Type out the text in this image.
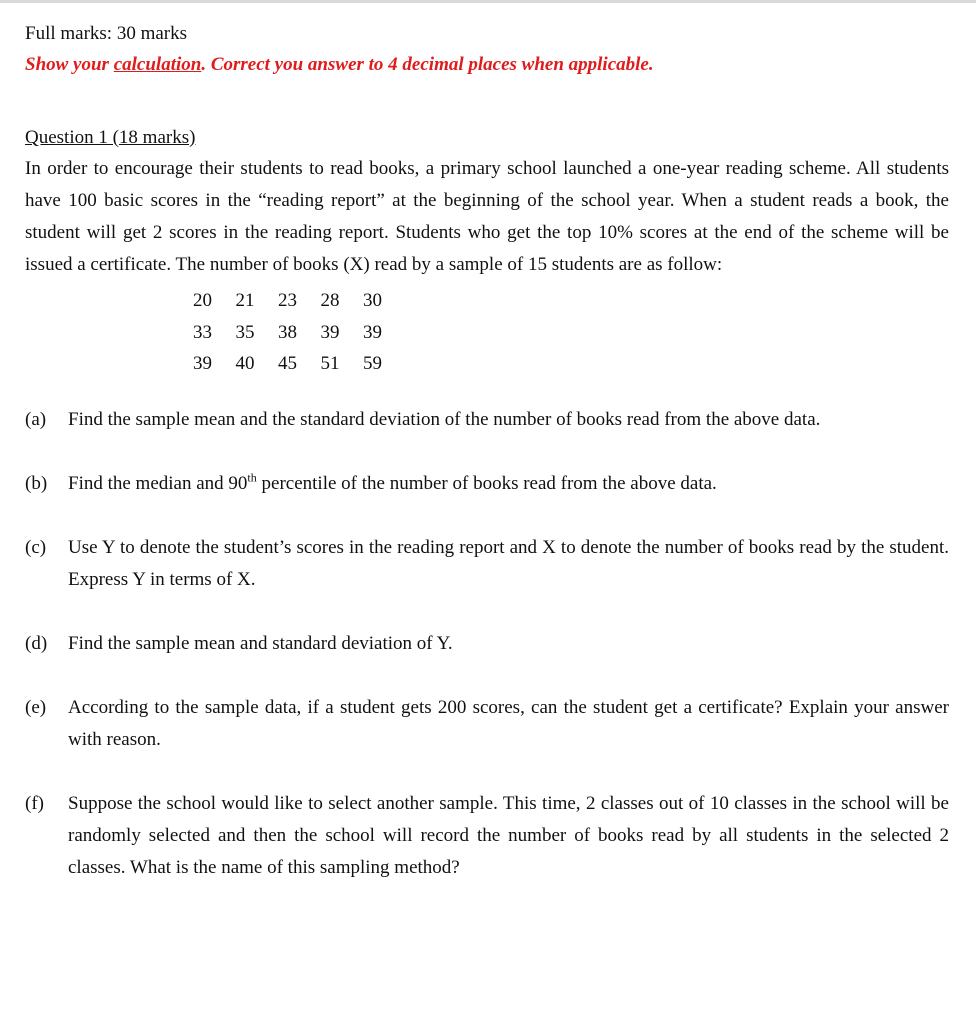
Full marks: 30 marks
Show your calculation. Correct you answer to 4 decimal places when applicable.
Question 1 (18 marks)

In order to encourage their students to read books, a primary school launched a one-year reading scheme. All students have 100 basic scores in the “reading report” at the beginning of the school year. When a student reads a book, the student will get 2 scores in the reading report. Students who get the top 10% scores at the end of the scheme will be issued a certificate. The number of books (X) read by a sample of 15 students are as follow:

20	21	23	28	30
33	35	38	39	39
39	40	45	51	59
(a)	Find the sample mean and the standard deviation of the number of books read from the above data.
(b)	Find the median and 90th percentile of the number of books read from the above data.
(c)	Use Y to denote the student’s scores in the reading report and X to denote the number of books read by the student. Express Y in terms of X.
(d)	Find the sample mean and standard deviation of Y.
(e)	According to the sample data, if a student gets 200 scores, can the student get a certificate? Explain your answer with reason.
(f)	Suppose the school would like to select another sample. This time, 2 classes out of 10 classes in the school will be randomly selected and then the school will record the number of books read by all students in the selected 2 classes. What is the name of this sampling method?
